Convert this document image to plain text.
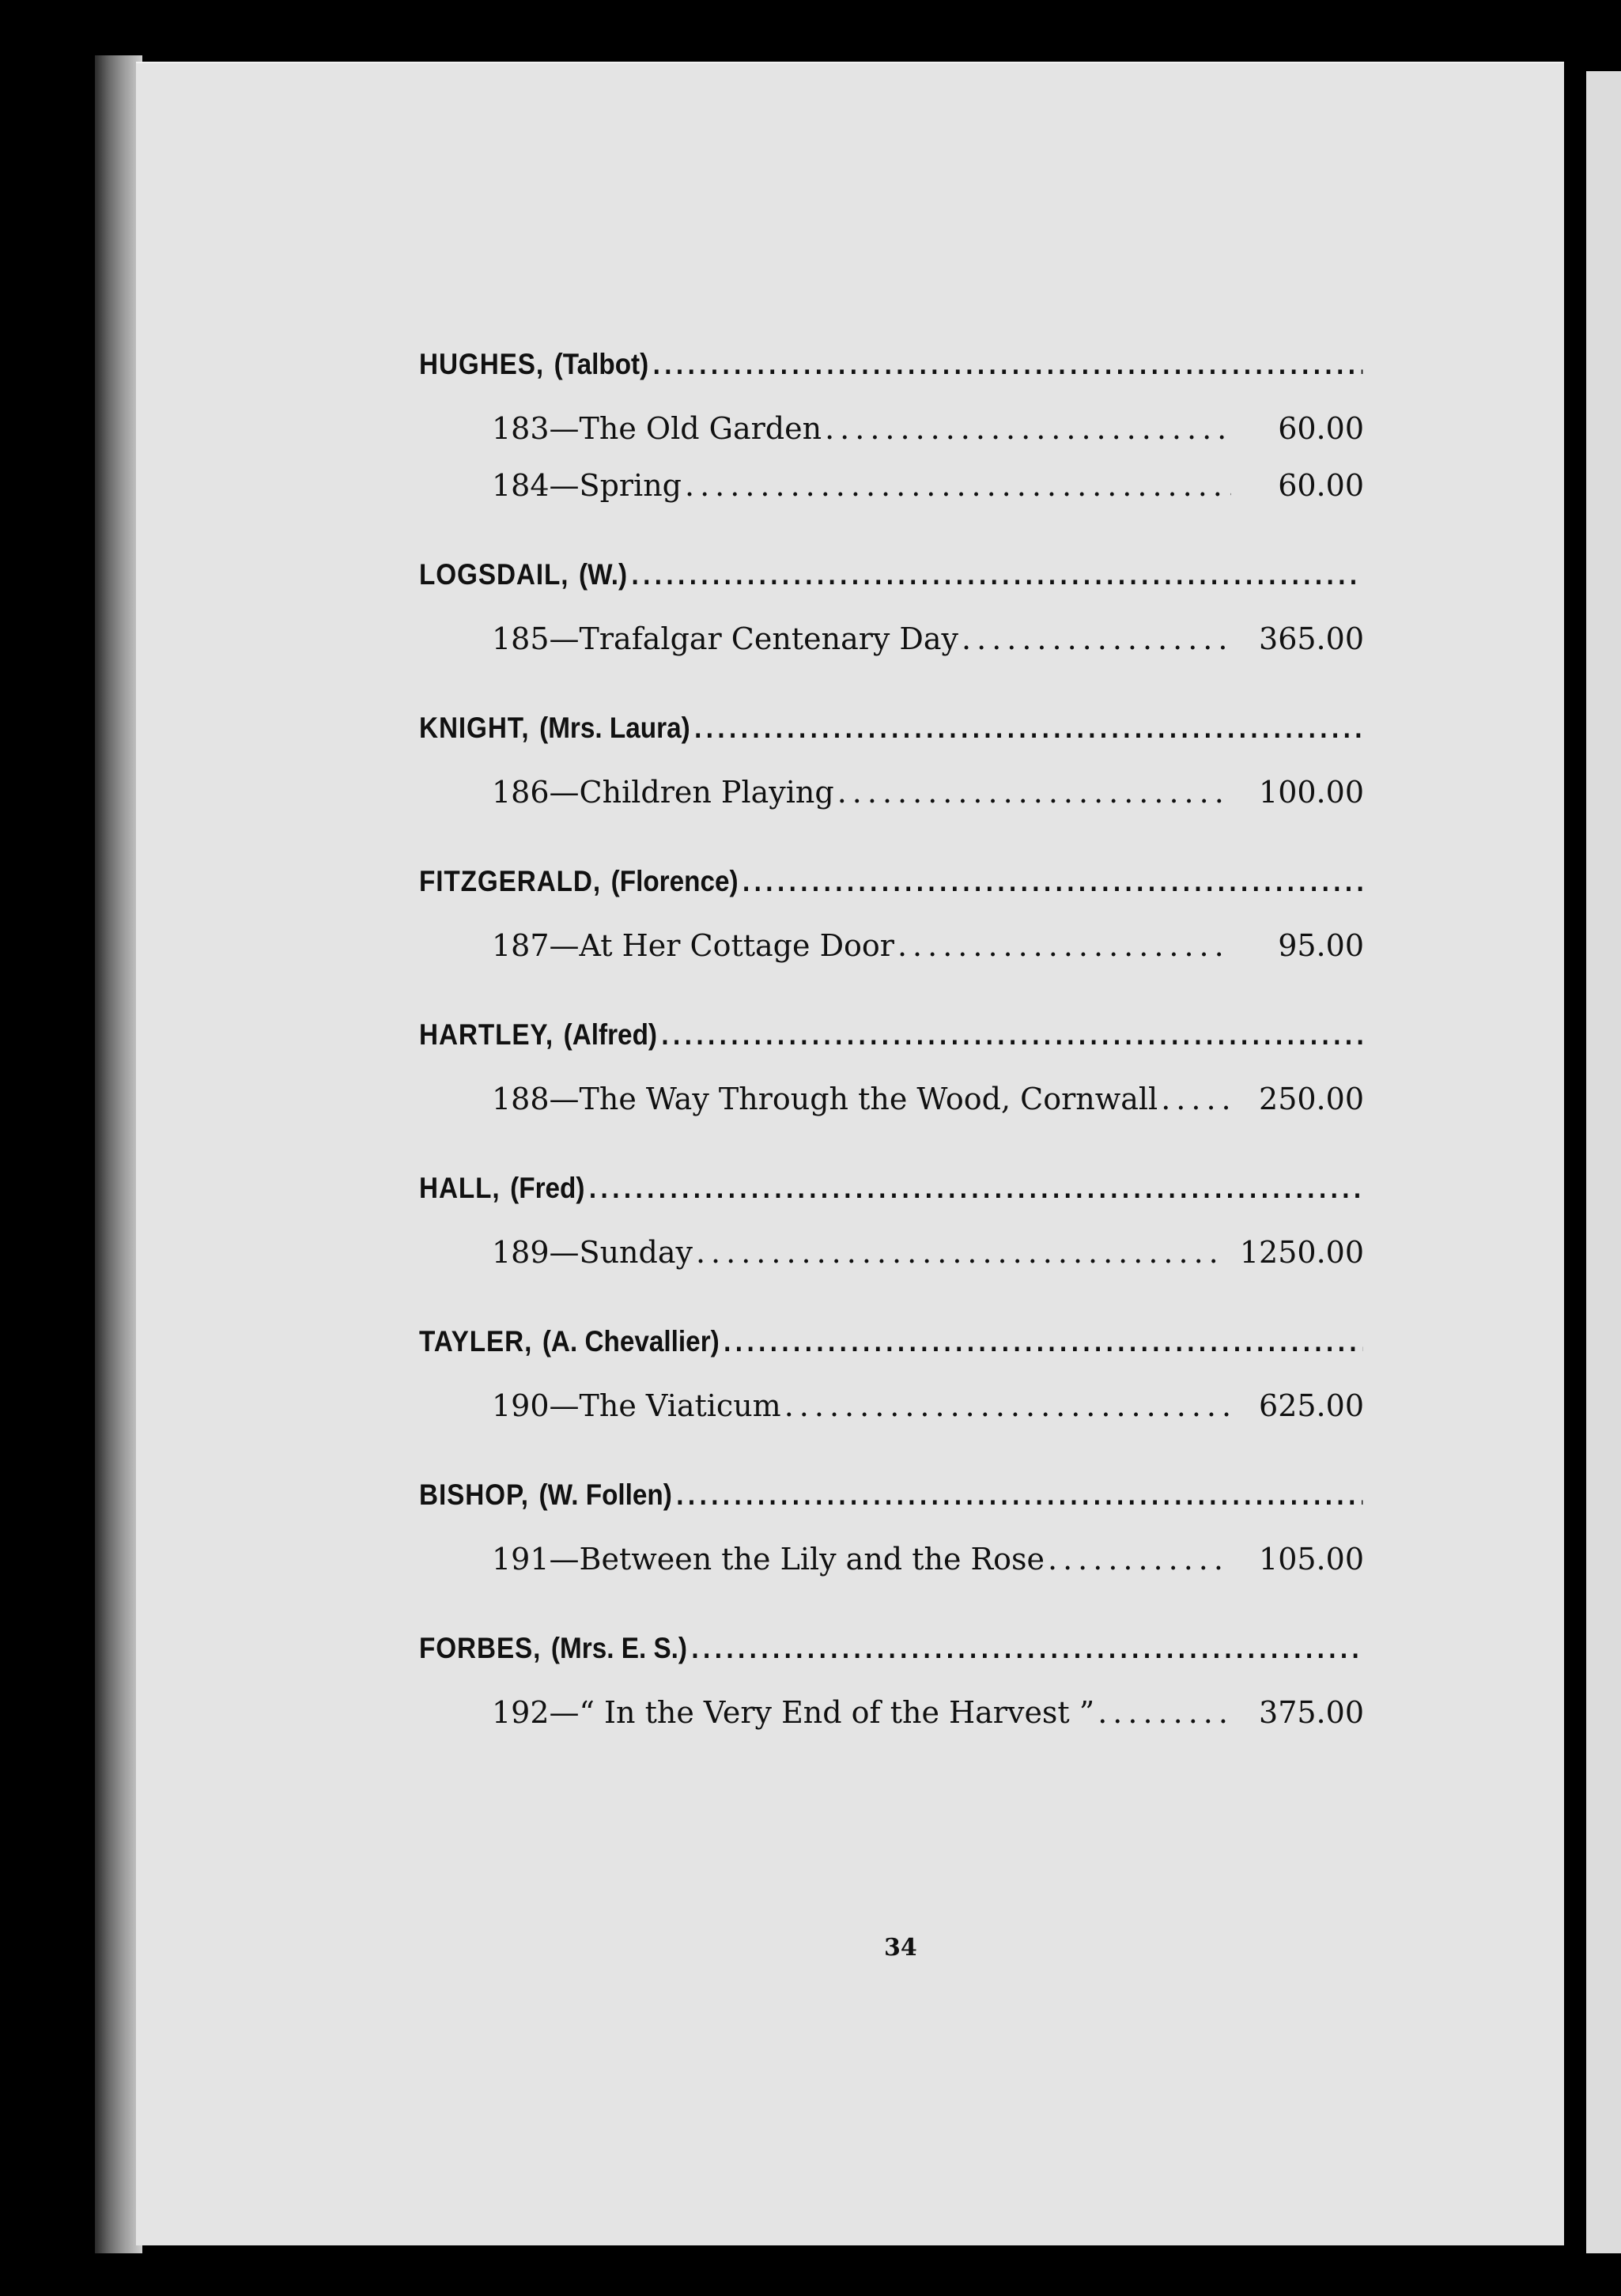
HUGHES, (Talbot)
.....
183—The Old Garden .....	60.00
184—Spring .....	60.00
LOGSDAIL, (W.)
.....
185—Trafalgar Centenary Day .....	365.00
KNIGHT, (Mrs. Laura)
.....
186—Children Playing .....	100.00
FITZGERALD, (Florence)
.....
187—At Her Cottage Door .....	95.00
HARTLEY, (Alfred)
.....
188—The Way Through the Wood, Cornwall .....	250.00
HALL, (Fred)
.....
189—Sunday .....	1250.00
TAYLER, (A. Chevallier)
.....
190—The Viaticum .....	625.00
BISHOP, (W. Follen)
.....
191—Between the Lily and the Rose .....	105.00
FORBES, (Mrs. E. S.)
.....
192—“ In the Very End of the Harvest ” .....	375.00
34
